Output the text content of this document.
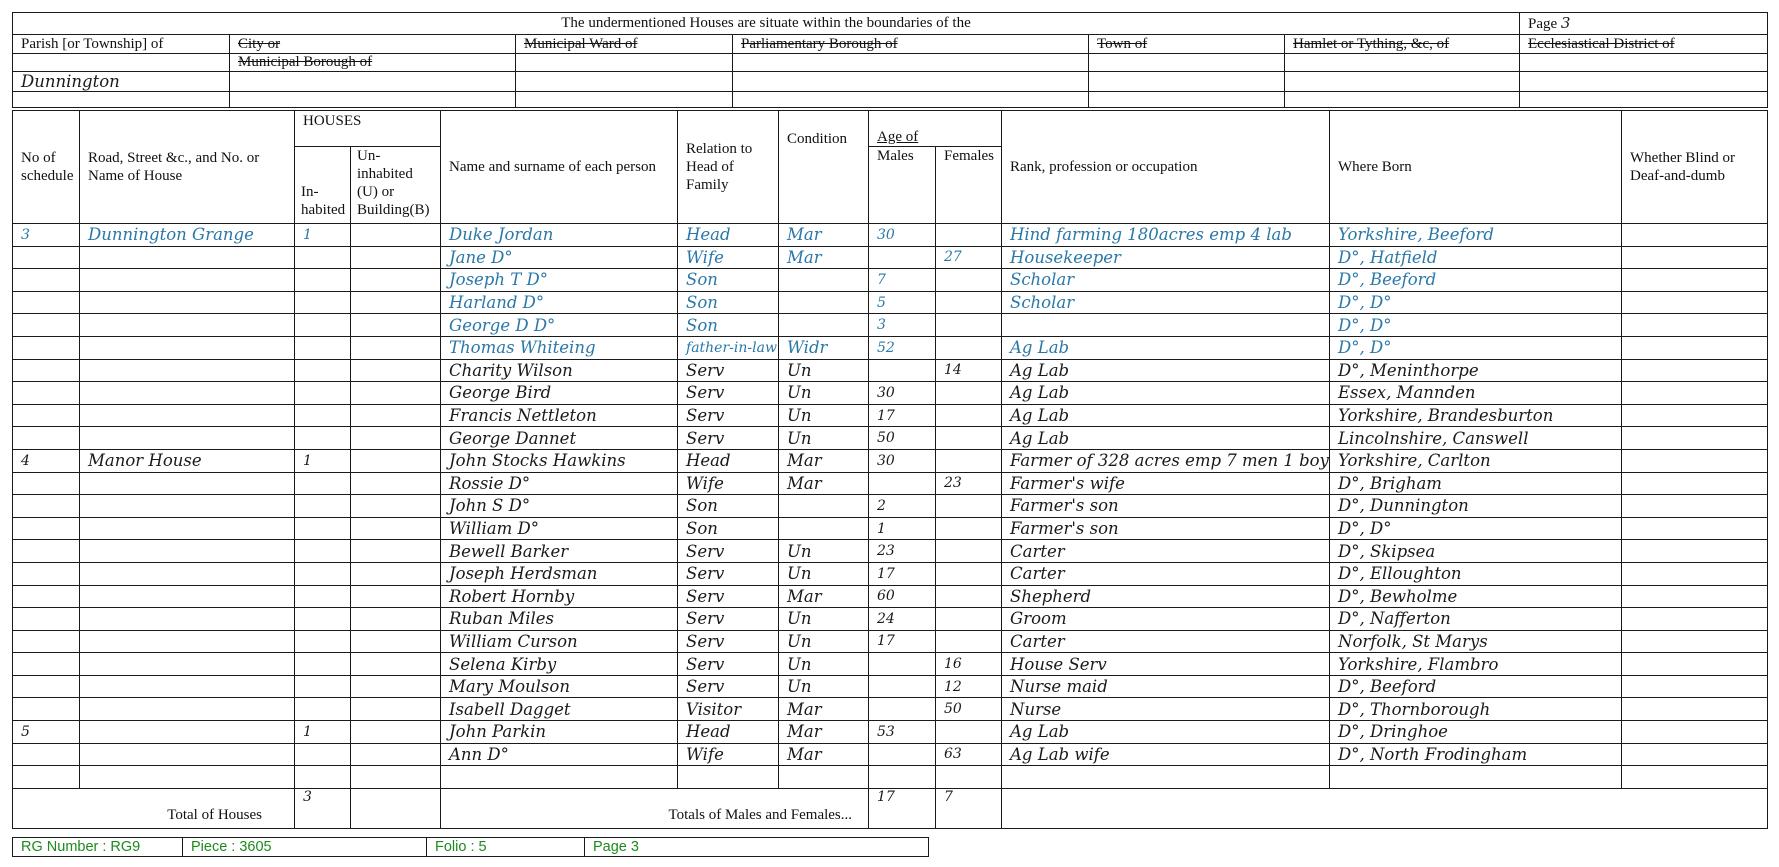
The undermentioned Houses are situate within the boundaries of the						Page 3
Parish [or Township] of	City or	Municipal Ward of	Parliamentary Borough of	Town of	Hamlet or Tything, &c, of	Ecclesiastical District of
	Municipal Borough of					
Dunnington						

No of schedule	Road, Street &c., and No. or Name of House	HOUSES		Name and surname of each person	Relation to Head of Family	Condition	Age of		Rank, profession or occupation	Where Born	Whether Blind or Deaf-and-dumb
		In-habited	Un-inhabited (U) or Building(B)				Males	Females			
3	Dunnington Grange	1		Duke Jordan	Head	Mar	30		Hind farming 180acres emp 4 lab	Yorkshire, Beeford	
				Jane D°	Wife	Mar		27	Housekeeper	D°, Hatfield	
				Joseph T D°	Son		7		Scholar	D°, Beeford	
				Harland D°	Son		5		Scholar	D°, D°	
				George D D°	Son		3			D°, D°	
				Thomas Whiteing	father-in-law	Widr	52		Ag Lab	D°, D°	
				Charity Wilson	Serv	Un		14	Ag Lab	D°, Meninthorpe	
				George Bird	Serv	Un	30		Ag Lab	Essex, Mannden	
				Francis Nettleton	Serv	Un	17		Ag Lab	Yorkshire, Brandesburton	
				George Dannet	Serv	Un	50		Ag Lab	Lincolnshire, Canswell	
4	Manor House	1		John Stocks Hawkins	Head	Mar	30		Farmer of 328 acres emp 7 men 1 boy	Yorkshire, Carlton	
				Rossie D°	Wife	Mar		23	Farmer's wife	D°, Brigham	
				John S D°	Son		2		Farmer's son	D°, Dunnington	
				William D°	Son		1		Farmer's son	D°, D°	
				Bewell Barker	Serv	Un	23		Carter	D°, Skipsea	
				Joseph Herdsman	Serv	Un	17		Carter	D°, Elloughton	
				Robert Hornby	Serv	Mar	60		Shepherd	D°, Bewholme	
				Ruban Miles	Serv	Un	24		Groom	D°, Nafferton	
				William Curson	Serv	Un	17		Carter	Norfolk, St Marys	
				Selena Kirby	Serv	Un		16	House Serv	Yorkshire, Flambro	
				Mary Moulson	Serv	Un		12	Nurse maid	D°, Beeford	
				Isabell Dagget	Visitor	Mar		50	Nurse	D°, Thornborough	
5		1		John Parkin	Head	Mar	53		Ag Lab	D°, Dringhoe	
				Ann D°	Wife	Mar		63	Ag Lab wife	D°, North Frodingham	

Total of Houses		3		Totals of Males and Females...			17	7			
RG Number : RG9	Piece : 3605	Folio : 5	Page 3
